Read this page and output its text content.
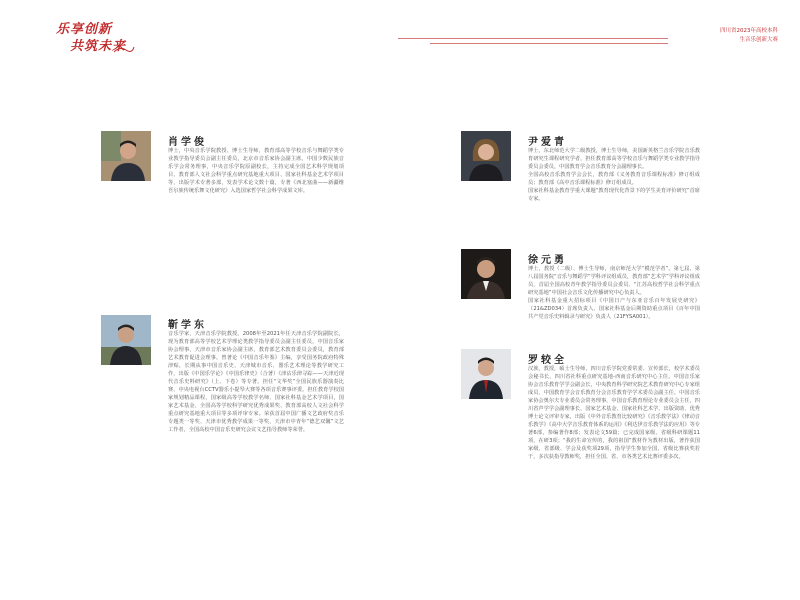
乐享创新
共筑未来
四川省2023年高校本科
生音乐创新大赛
肖学俊

博士，中央音乐学院教授、博士生导师，教育部高等学校音乐与舞蹈学类专业教学指导委员会副主任委员，北京市音乐家协会副主席。中国少数民族音乐学会常务理事，中央音乐学院原副校长，主持完成全国艺术科学规划项目、教育部人文社会科学重点研究基地重大项目、国家社科基金艺术学项目等，出版学术专著多部，发表学术论文数十篇，专著《西北塞曲——新疆维吾尔族传统乐舞文化研究》入选国家哲学社会科学成果文库。

尹爱青

博士，东北师范大学二级教授，博士生导师，美国新英格兰音乐学院音乐教育研究生课程研究学者，担任教育部高等学校音乐与舞蹈学类专业教学指导委员会委员，中国教育学会音乐教育分会副理事长。

全国高校音乐教育学会会长，教育部《义务教育音乐课程标准》修订组成员；教育部《高中音乐课程标准》修订组成员。

国家社科基金教育学重大课题“教育现代化背景下的学生美育评价研究”首席专家。

徐元勇

博士，教授（二级）、博士生导师，南京师范大学“模范学者”，第七届、第八届国务院“音乐与舞蹈学”学科评议组成员，教育部“艺术学”学科评议组成员，首届全国高校青年教学指导委员会委员、“江苏高校哲学社会科学重点研究基地”中国社会音乐文化传播研究中心负责人。

国家社科基金重大招标项目《中国日产与东亚音乐百年发展史研究》（21&ZD034）首席负责人、国家社科基金后期资助重点项目《百年中国共产党音乐史料辑录与研究》负责人（21FYSA001）。

靳学东

音乐学家，天津音乐学院教授。2008年至2021年任天津音乐学院副院长，现为教育部高等学校艺术学理论类教学指导委员会副主任委员，中国音乐家协会理事，天津市音乐家协会副主席，教育部艺术教育委员会委员，教育部艺术教育促进会理事。曾著论《中国音乐年鉴》主编，享受国务院政府特殊津贴，长期从事中国音乐史、天津城市音乐、器乐艺术理论等教学研究工作，出版《中国乐学论》《中国乐律史》（合著）《津沽乐律寻踪——天津近现代音乐史料研究》（上、下卷）等专著。担任“文华奖”全国民族乐器演奏比赛、中央电视台CCTV器乐小提琴大赛等各项音乐赛事评委。担任教育学校国家规划精品课程，国家级高等学校教学名师、国家社科基金艺术学项目，国家艺术基金、全国高等学校科学研究优秀成果奖、教育部高校人文社会科学重点研究基地重大项目等多项评审专家。荣获首届中国广播文艺政府奖音乐专题类一等奖、天津市优秀教学成果一等奖、天津市中青年“德艺双馨”文艺工作者，全国高校中国音乐史研究会议文艺指导教师等荣誉。

罗较全

汉族，教授，硕士生导师，四川音乐学院党委常委、宣传部长，校学术委员会秘书长，四川省社科重点研究基地-西南音乐研究中心主任。中国音乐家协会音乐教育学学会副会长，中央教育科学研究院艺术教育研究中心专家组成员，中国教育学会音乐教育分会音乐教育学学术委员会副主任，中国音乐家协会奥尔夫专业委员会常务理事，中国音乐教育理论专业委员会主任，四川省声学学会副理事长，国家艺术基金、国家社科艺术学、出版资助、优秀博士论文评审专家，出版《中外音乐教育比较研究》《音乐教学法》《律动音乐教学》《高中大学音乐教育体系的运用》《利达伊音乐教学法的应用》等专著6部，参编著作8部；发表论文59篇；已完成国家级、省级科研课题11项，在研3项；“我的生命宣传的，我的祖国”教材作为教材出版，著作获国家级、省部级、学会及获奖项29项，指导学生参加全国、省级比赛获奖若干，多次获指导教师奖，担任全国、省、市各类艺术比赛评委多次。
